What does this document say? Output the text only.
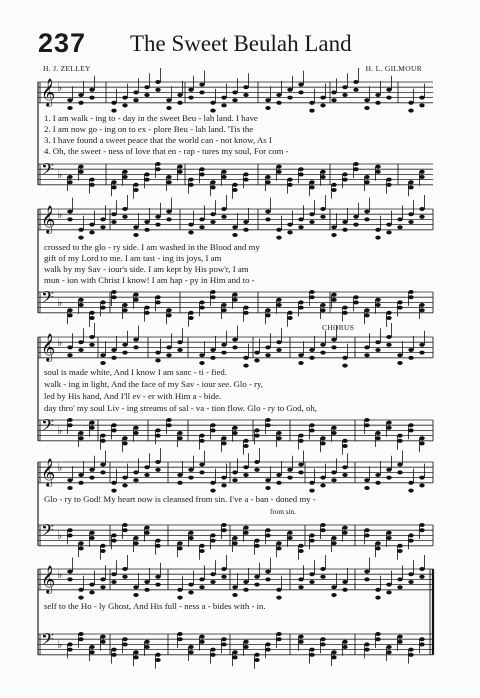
237 The Sweet Beulah Land
H. J. ZELLEY	H. L. GILMOUR
CHORUS
𝄞
𝄢
♭
♭
𝄞
𝄢
♭
♭
𝄞
𝄢
♭
♭
𝄞
𝄢
♭
♭
𝄞
𝄢
♭
♭
1. I am walk - ing to - day in the sweet Beu - lah land. I have
2. I am now go - ing on to ex - plore Beu - lah land. 'Tis the
3. I have found a sweet peace that the world can - not know, As I
4. Oh, the sweet - ness of love that en - rap - tures my soul, For com -
crossed to the glo - ry side. I am washed in the Blood and my
gift of my Lord to me. I am tast - ing its joys, I am
walk by my Sav - iour's side. I am kept by His pow'r, I am
mun - ion with Christ I know! I am hap - py in Him and to -
soul is made white, And I know I am sanc - ti - fied.
walk - ing in light, And the face of my Sav - iour see. Glo - ry,
led by His hand, And I'll ev - er with Him a - bide.
day thro' my soul Liv - ing streams of sal - va - tion flow. Glo - ry to God, oh,
Glo - ry to God! My heart now is cleansed from sin. I've a - ban - doned my -
from sin.
self to the Ho - ly Ghost, And His full - ness a - bides with - in.
